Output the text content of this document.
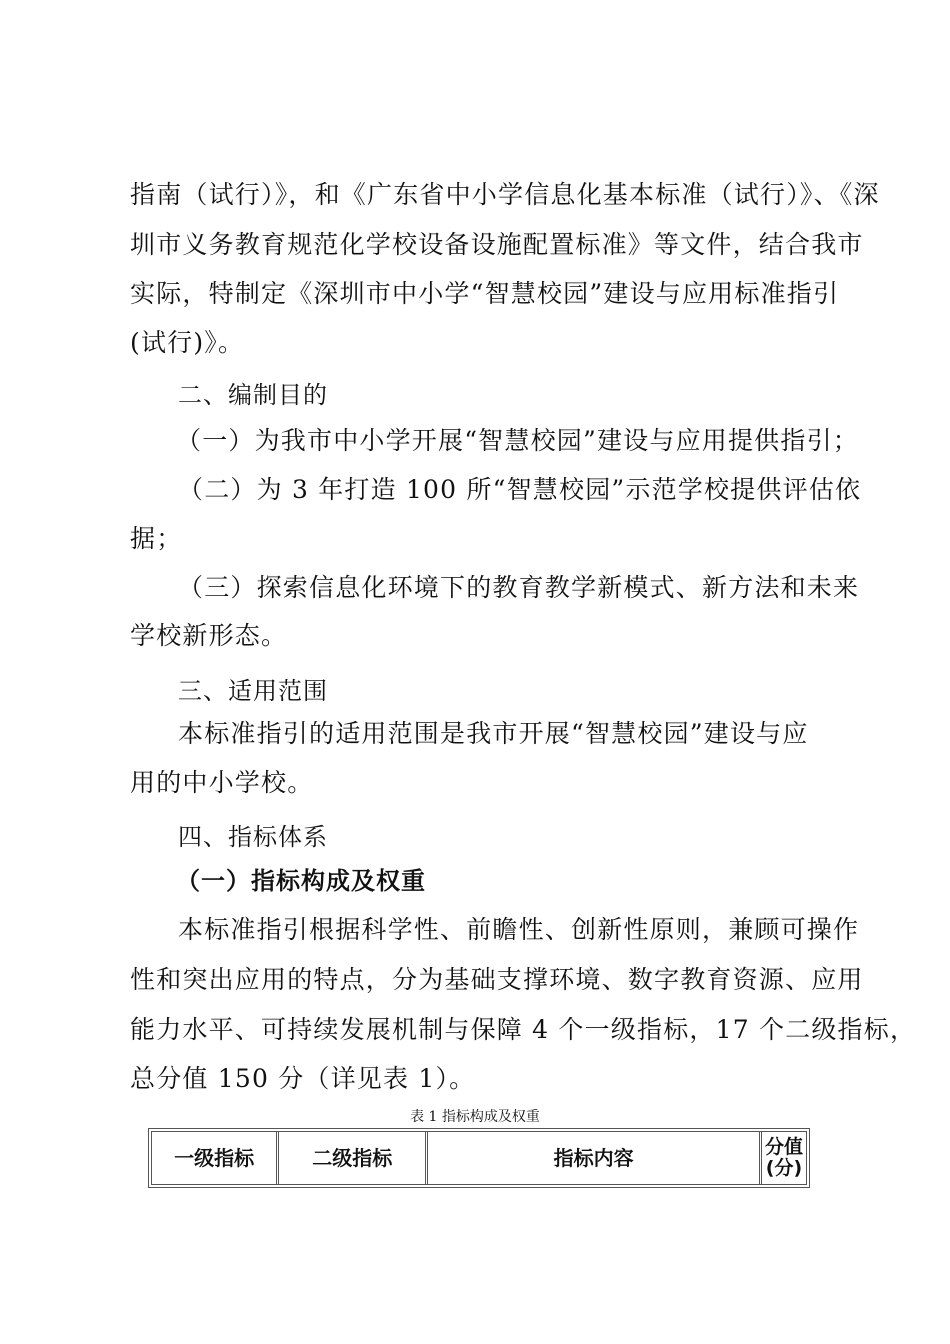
指南（试行）》，和《广东省中小学信息化基本标准（试行）》、《深
圳市义务教育规范化学校设备设施配置标准》等文件，结合我市
实际，特制定《深圳市中小学“智慧校园”建设与应用标准指引
(试行)》。
二、编制目的
（一）为我市中小学开展“智慧校园”建设与应用提供指引；
（二）为 3 年打造 100 所“智慧校园”示范学校提供评估依
据；
（三）探索信息化环境下的教育教学新模式、新方法和未来
学校新形态。
三、适用范围
本标准指引的适用范围是我市开展“智慧校园”建设与应
用的中小学校。
四、指标体系
（一）指标构成及权重
本标准指引根据科学性、前瞻性、创新性原则，兼顾可操作
性和突出应用的特点，分为基础支撑环境、数字教育资源、应用
能力水平、可持续发展机制与保障 4 个一级指标，17 个二级指标，
总分值 150 分（详见表 1）。
表 1 指标构成及权重
一级指标	二级指标	指标内容	分值
(分)
